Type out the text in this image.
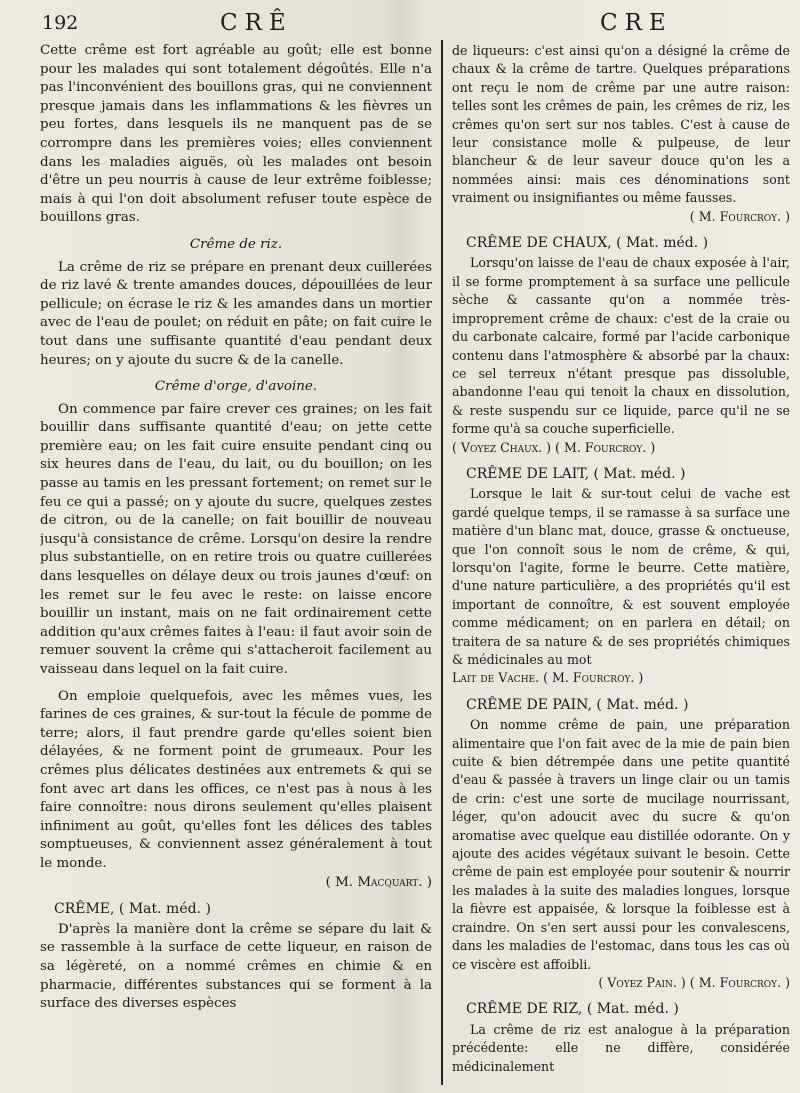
192	CRÊ	CRE

Cette crême est fort agréable au goût; elle est bonne pour les malades qui sont totalement dégoûtés. Elle n'a pas l'inconvénient des bouillons gras, qui ne conviennent presque jamais dans les inflammations & les fièvres un peu fortes, dans lesquels ils ne manquent pas de se corrompre dans les premières voies; elles conviennent dans les maladies aiguës, où les malades ont besoin d'être un peu nourris à cause de leur extrême foiblesse; mais à qui l'on doit absolument refuser toute espèce de bouillons gras.

Crême de riz.

La crême de riz se prépare en prenant deux cuillerées de riz lavé & trente amandes douces, dépouillées de leur pellicule; on écrase le riz & les amandes dans un mortier avec de l'eau de poulet; on réduit en pâte; on fait cuire le tout dans une suffisante quantité d'eau pendant deux heures; on y ajoute du sucre & de la canelle.

Crême d'orge, d'avoine.

On commence par faire crever ces graines; on les fait bouillir dans suffisante quantité d'eau; on jette cette première eau; on les fait cuire ensuite pendant cinq ou six heures dans de l'eau, du lait, ou du bouillon; on les passe au tamis en les pressant fortement; on remet sur le feu ce qui a passé; on y ajoute du sucre, quelques zestes de citron, ou de la canelle; on fait bouillir de nouveau jusqu'à consistance de crême. Lorsqu'on desire la rendre plus substantielle, on en retire trois ou quatre cuillerées dans lesquelles on délaye deux ou trois jaunes d'œuf: on les remet sur le feu avec le reste: on laisse encore bouillir un instant, mais on ne fait ordinairement cette addition qu'aux crêmes faites à l'eau: il faut avoir soin de remuer souvent la crême qui s'attacheroit facilement au vaisseau dans lequel on la fait cuire.

On emploie quelquefois, avec les mêmes vues, les farines de ces graines, & sur-tout la fécule de pomme de terre; alors, il faut prendre garde qu'elles soient bien délayées, & ne forment point de grumeaux. Pour les crêmes plus délicates destinées aux entremets & qui se font avec art dans les offices, ce n'est pas à nous à les faire connoître: nous dirons seulement qu'elles plaisent infiniment au goût, qu'elles font les délices des tables somptueuses, & conviennent assez généralement à tout le monde.

( M. Macquart. )

CRÊME, ( Mat. méd. )

D'après la manière dont la crême se sépare du lait & se rassemble à la surface de cette liqueur, en raison de sa légèreté, on a nommé crêmes en chimie & en pharmacie, différentes substances qui se forment à la surface des diverses espèces

de liqueurs: c'est ainsi qu'on a désigné la crême de chaux & la crême de tartre. Quelques préparations ont reçu le nom de crême par une autre raison: telles sont les crêmes de pain, les crêmes de riz, les crêmes qu'on sert sur nos tables. C'est à cause de leur consistance molle & pulpeuse, de leur blancheur & de leur saveur douce qu'on les a nommées ainsi: mais ces dénominations sont vraiment ou insignifiantes ou même fausses.

( M. Fourcroy. )

CRÊME DE CHAUX, ( Mat. méd. )

Lorsqu'on laisse de l'eau de chaux exposée à l'air, il se forme promptement à sa surface une pellicule sèche & cassante qu'on a nommée très-improprement crême de chaux: c'est de la craie ou du carbonate calcaire, formé par l'acide carbonique contenu dans l'atmosphère & absorbé par la chaux: ce sel terreux n'étant presque pas dissoluble, abandonne l'eau qui tenoit la chaux en dissolution, & reste suspendu sur ce liquide, parce qu'il ne se forme qu'à sa couche superficielle.

( Voyez Chaux. ) ( M. Fourcroy. )

CRÊME DE LAIT, ( Mat. méd. )

Lorsque le lait & sur-tout celui de vache est gardé quelque temps, il se ramasse à sa surface une matière d'un blanc mat, douce, grasse & onctueuse, que l'on connoît sous le nom de crême, & qui, lorsqu'on l'agite, forme le beurre. Cette matière, d'une nature particulière, a des propriétés qu'il est important de connoître, & est souvent employée comme médicament; on en parlera en détail; on traitera de sa nature & de ses propriétés chimiques & médicinales au mot

Lait de Vache. ( M. Fourcroy. )

CRÊME DE PAIN, ( Mat. méd. )

On nomme crême de pain, une préparation alimentaire que l'on fait avec de la mie de pain bien cuite & bien détrempée dans une petite quantité d'eau & passée à travers un linge clair ou un tamis de crin: c'est une sorte de mucilage nourrissant, léger, qu'on adoucit avec du sucre & qu'on aromatise avec quelque eau distillée odorante. On y ajoute des acides végétaux suivant le besoin. Cette crême de pain est employée pour soutenir & nourrir les malades à la suite des maladies longues, lorsque la fièvre est appaisée, & lorsque la foiblesse est à craindre. On s'en sert aussi pour les convalescens, dans les maladies de l'estomac, dans tous les cas où ce viscère est affoibli.

( Voyez Pain. ) ( M. Fourcroy. )

CRÊME DE RIZ, ( Mat. méd. )

La crême de riz est analogue à la préparation précédente: elle ne diffère, considérée médicinalement
